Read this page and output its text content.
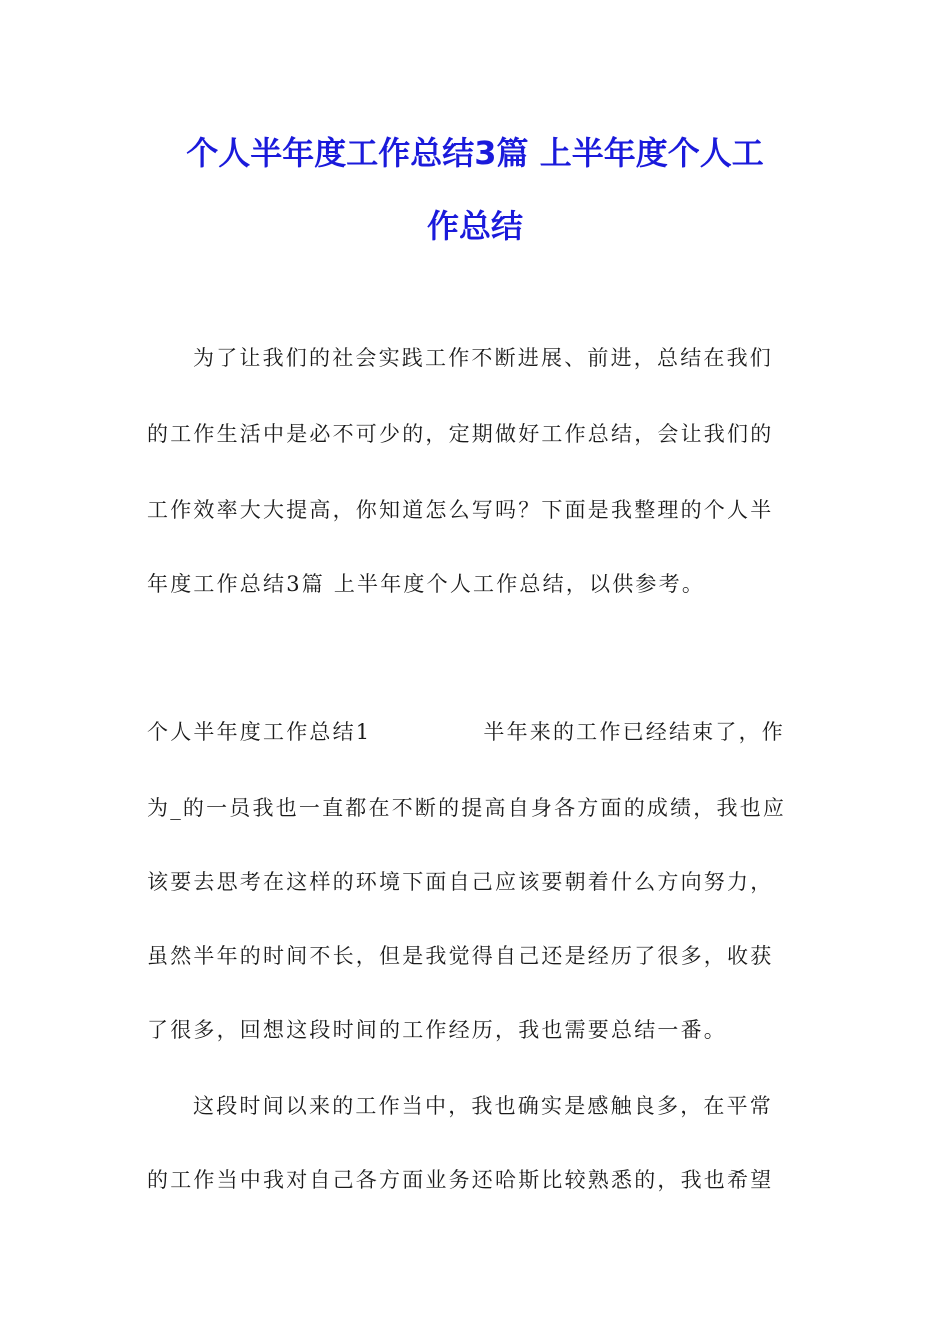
个人半年度工作总结3篇 上半年度个人工
作总结
为了让我们的社会实践工作不断进展、前进，总结在我们
的工作生活中是必不可少的，定期做好工作总结，会让我们的
工作效率大大提高，你知道怎么写吗？下面是我整理的个人半
年度工作总结3篇 上半年度个人工作总结，以供参考。
个人半年度工作总结1	半年来的工作已经结束了，作
为_的一员我也一直都在不断的提高自身各方面的成绩，我也应
该要去思考在这样的环境下面自己应该要朝着什么方向努力，
虽然半年的时间不长，但是我觉得自己还是经历了很多，收获
了很多，回想这段时间的工作经历，我也需要总结一番。
这段时间以来的工作当中，我也确实是感触良多，在平常
的工作当中我对自己各方面业务还哈斯比较熟悉的，我也希望
